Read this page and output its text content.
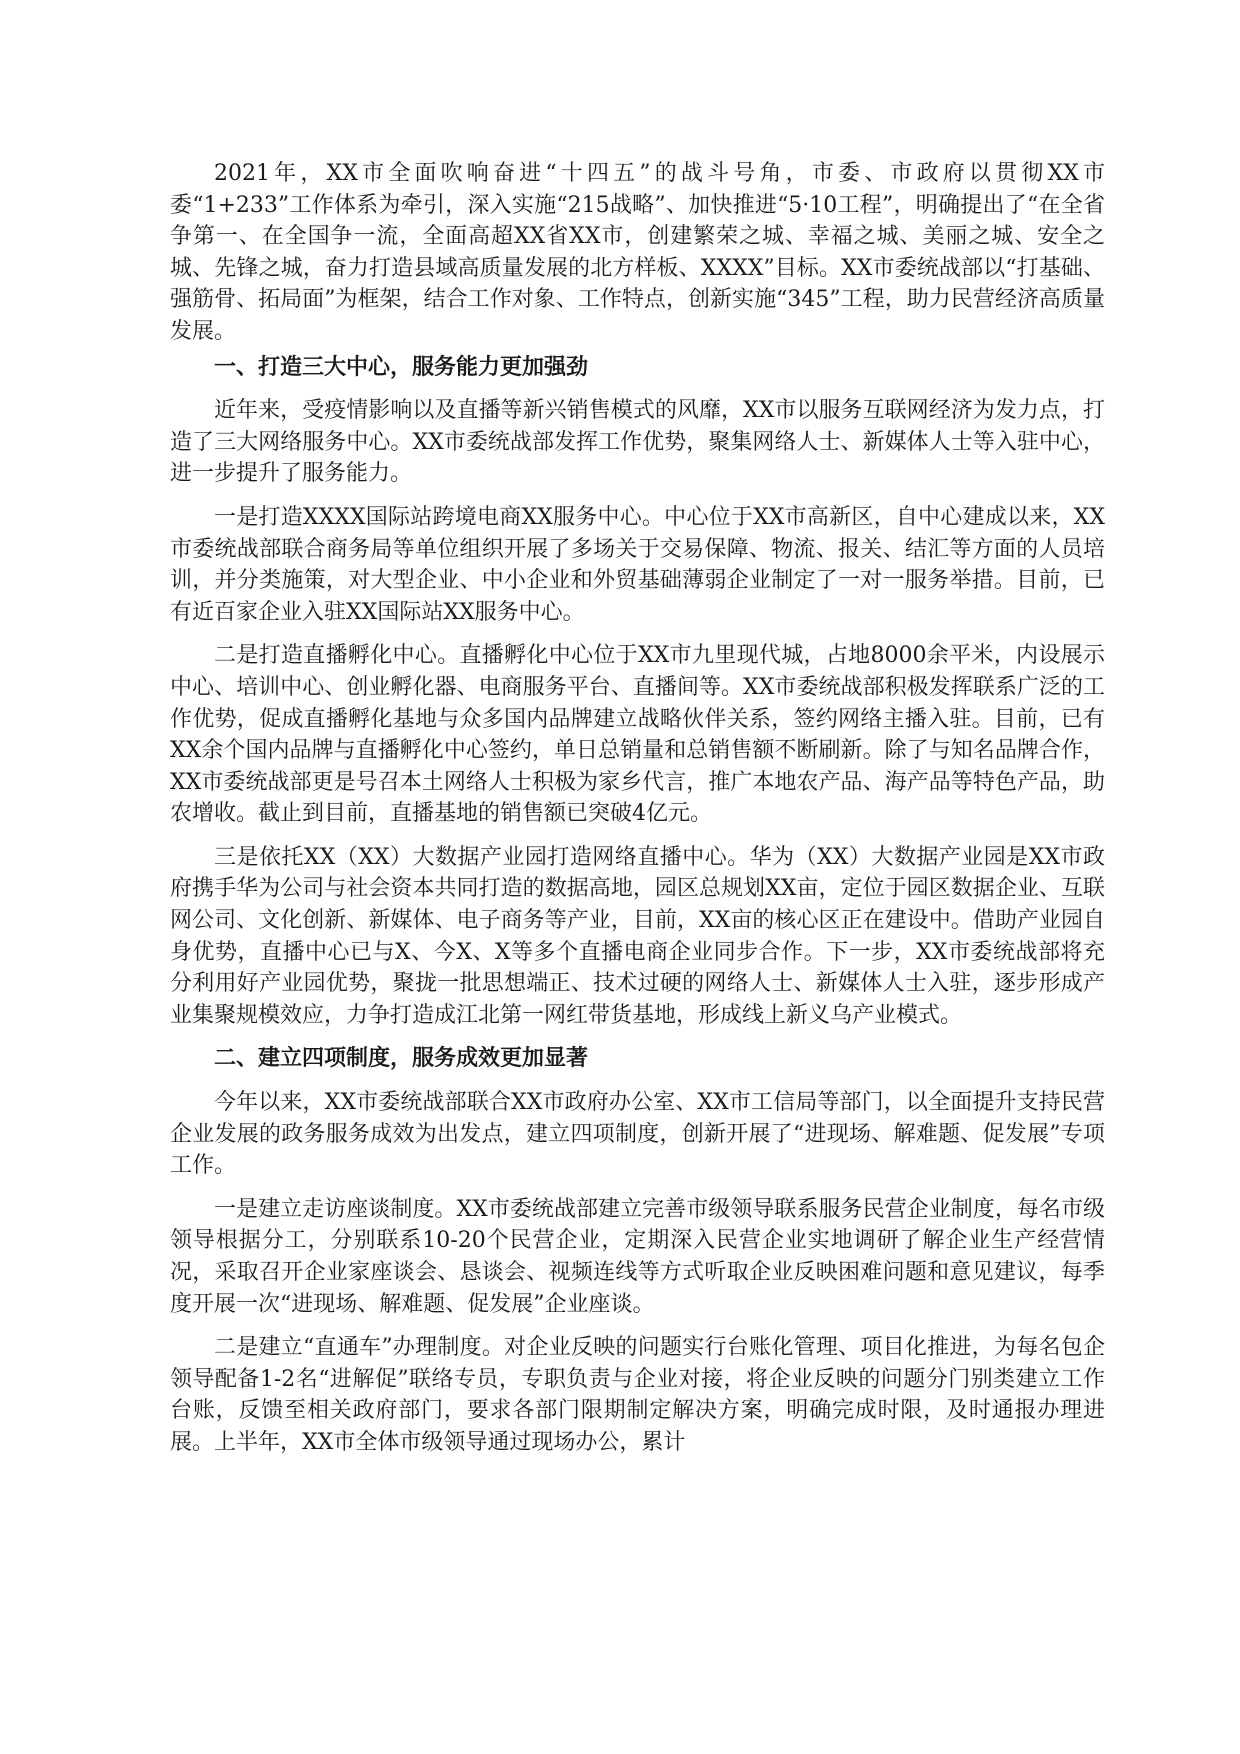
2021年，XX市全面吹响奋进“十四五”的战斗号角，市委、市政府以贯彻XX市委“1+233”工作体系为牵引，深入实施“215战略”、加快推进“5·10工程”，明确提出了“在全省争第一、在全国争一流，全面高超XX省XX市，创建繁荣之城、幸福之城、美丽之城、安全之城、先锋之城，奋力打造县域高质量发展的北方样板、XXXX”目标。XX市委统战部以“打基础、强筋骨、拓局面”为框架，结合工作对象、工作特点，创新实施“345”工程，助力民营经济高质量发展。

一、打造三大中心，服务能力更加强劲

近年来，受疫情影响以及直播等新兴销售模式的风靡，XX市以服务互联网经济为发力点，打造了三大网络服务中心。XX市委统战部发挥工作优势，聚集网络人士、新媒体人士等入驻中心，进一步提升了服务能力。

一是打造XXXX国际站跨境电商XX服务中心。中心位于XX市高新区，自中心建成以来，XX市委统战部联合商务局等单位组织开展了多场关于交易保障、物流、报关、结汇等方面的人员培训，并分类施策，对大型企业、中小企业和外贸基础薄弱企业制定了一对一服务举措。目前，已有近百家企业入驻XX国际站XX服务中心。

二是打造直播孵化中心。直播孵化中心位于XX市九里现代城，占地8000余平米，内设展示中心、培训中心、创业孵化器、电商服务平台、直播间等。XX市委统战部积极发挥联系广泛的工作优势，促成直播孵化基地与众多国内品牌建立战略伙伴关系，签约网络主播入驻。目前，已有XX余个国内品牌与直播孵化中心签约，单日总销量和总销售额不断刷新。除了与知名品牌合作，XX市委统战部更是号召本土网络人士积极为家乡代言，推广本地农产品、海产品等特色产品，助农增收。截止到目前，直播基地的销售额已突破4亿元。

三是依托XX（XX）大数据产业园打造网络直播中心。华为（XX）大数据产业园是XX市政府携手华为公司与社会资本共同打造的数据高地，园区总规划XX亩，定位于园区数据企业、互联网公司、文化创新、新媒体、电子商务等产业，目前，XX亩的核心区正在建设中。借助产业园自身优势，直播中心已与X、今X、X等多个直播电商企业同步合作。下一步，XX市委统战部将充分利用好产业园优势，聚拢一批思想端正、技术过硬的网络人士、新媒体人士入驻，逐步形成产业集聚规模效应，力争打造成江北第一网红带货基地，形成线上新义乌产业模式。

二、建立四项制度，服务成效更加显著

今年以来，XX市委统战部联合XX市政府办公室、XX市工信局等部门，以全面提升支持民营企业发展的政务服务成效为出发点，建立四项制度，创新开展了“进现场、解难题、促发展”专项工作。

一是建立走访座谈制度。XX市委统战部建立完善市级领导联系服务民营企业制度，每名市级领导根据分工，分别联系10-20个民营企业，定期深入民营企业实地调研了解企业生产经营情况，采取召开企业家座谈会、恳谈会、视频连线等方式听取企业反映困难问题和意见建议，每季度开展一次“进现场、解难题、促发展”企业座谈。

二是建立“直通车”办理制度。对企业反映的问题实行台账化管理、项目化推进，为每名包企领导配备1-2名“进解促”联络专员，专职负责与企业对接，将企业反映的问题分门别类建立工作台账，反馈至相关政府部门，要求各部门限期制定解决方案，明确完成时限，及时通报办理进展。上半年，XX市全体市级领导通过现场办公，累计
